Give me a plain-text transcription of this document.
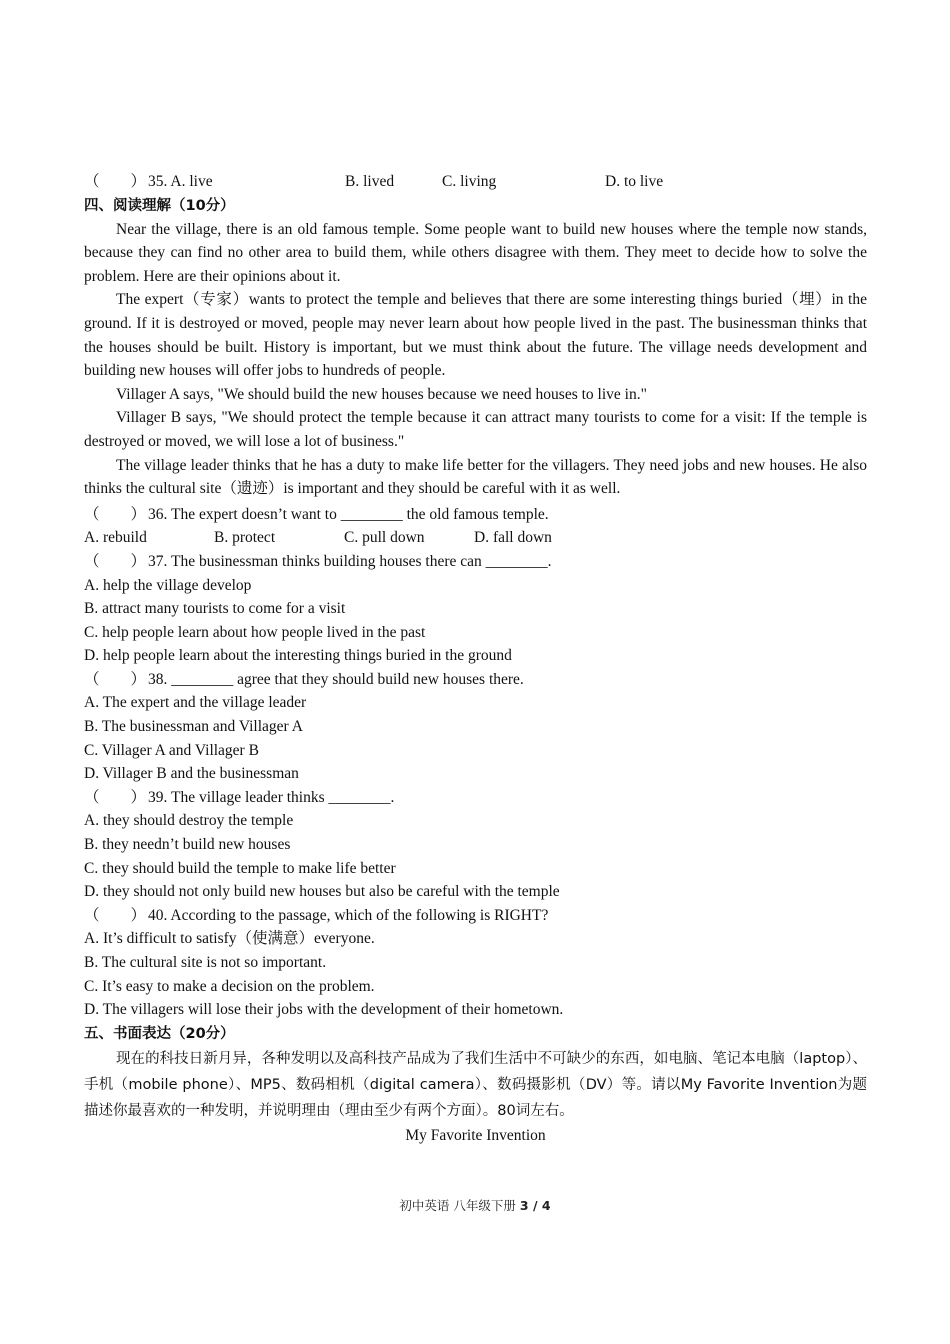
（　　） 35. A. live	B. lived	C. living	D. to live
四、阅读理解（10分）

Near the village, there is an old famous temple. Some people want to build new houses where the temple now stands, because they can find no other area to build them, while others disagree with them. They meet to decide how to solve the problem. Here are their opinions about it.

The expert（专家）wants to protect the temple and believes that there are some interesting things buried（埋）in the ground. If it is destroyed or moved, people may never learn about how people lived in the past. The businessman thinks that the houses should be built. History is important, but we must think about the future. The village needs development and building new houses will offer jobs to hundreds of people.

Villager A says, "We should build the new houses because we need houses to live in."

Villager B says, "We should protect the temple because it can attract many tourists to come for a visit: If the temple is destroyed or moved, we will lose a lot of business."

The village leader thinks that he has a duty to make life better for the villagers. They need jobs and new houses. He also thinks the cultural site（遗迹）is important and they should be careful with it as well.

（　　） 36. The expert doesn’t want to ________ the old famous temple.
A. rebuild	B. protect	C. pull down	D. fall down
（　　） 37. The businessman thinks building houses there can ________.
A. help the village develop
B. attract many tourists to come for a visit
C. help people learn about how people lived in the past
D. help people learn about the interesting things buried in the ground
（　　） 38. ________ agree that they should build new houses there.
A. The expert and the village leader
B. The businessman and Villager A
C. Villager A and Villager B
D. Villager B and the businessman
（　　） 39. The village leader thinks ________.
A. they should destroy the temple
B. they needn’t build new houses
C. they should build the temple to make life better
D. they should not only build new houses but also be careful with the temple
（　　） 40. According to the passage, which of the following is RIGHT?
A. It’s difficult to satisfy（使满意）everyone.
B. The cultural site is not so important.
C. It’s easy to make a decision on the problem.
D. The villagers will lose their jobs with the development of their hometown.
五、书面表达（20分）

现在的科技日新月异，各种发明以及高科技产品成为了我们生活中不可缺少的东西，如电脑、笔记本电脑（laptop）、手机（mobile phone）、MP5、数码相机（digital camera）、数码摄影机（DV）等。请以My Favorite Invention为题描述你最喜欢的一种发明，并说明理由（理由至少有两个方面）。80词左右。

My Favorite Invention
初中英语 八年级下册 3 / 4
